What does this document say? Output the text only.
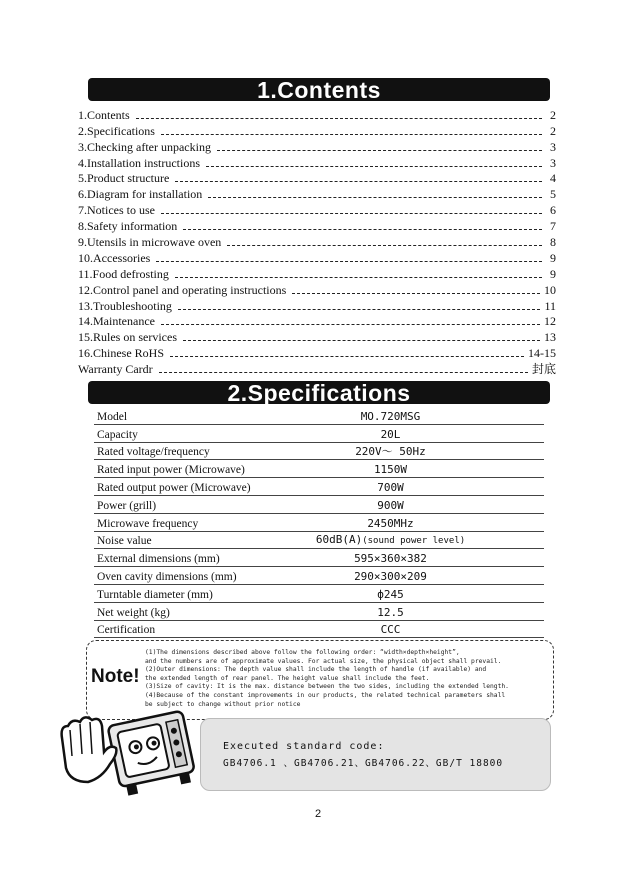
1.Contents
1.Contents	2
2.Specifications	2
3.Checking after unpacking	3
4.Installation instructions	3
5.Product structure	4
6.Diagram for installation	5
7.Notices to use	6
8.Safety information	7
9.Utensils in microwave oven	8
10.Accessories	9
11.Food defrosting	9
12.Control panel and operating instructions	10
13.Troubleshooting	11
14.Maintenance	12
15.Rules on services	13
16.Chinese RoHS	14-15
Warranty Cardr	封底
2.Specifications
Model	MO.720MSG
Capacity	20L
Rated voltage/frequency	220V～ 50Hz
Rated input power (Microwave)	1150W
Rated output power (Microwave)	700W
Power (grill)	900W
Microwave frequency	2450MHz
Noise value	60dB(A)(sound power level)
External dimensions (mm)	595×360×382
Oven cavity dimensions (mm)	290×300×209
Turntable diameter (mm)	ф245
Net weight (kg)	12.5
Certification	CCC
Note!
(1)The dimensions described above follow the following order: “width×depth×height”,
and the numbers are of approximate values. For actual size, the physical object shall prevail.
(2)Outer dimensions: The depth value shall include the length of handle (if available) and
the extended length of rear panel. The height value shall include the feet.
(3)Size of cavity: It is the max. distance between the two sides, including the extended length.
(4)Because of the constant improvements in our products, the related technical parameters shall
be subject to change without prior notice
Executed standard code:
GB4706.1 、GB4706.21、GB4706.22、GB/T 18800
2
